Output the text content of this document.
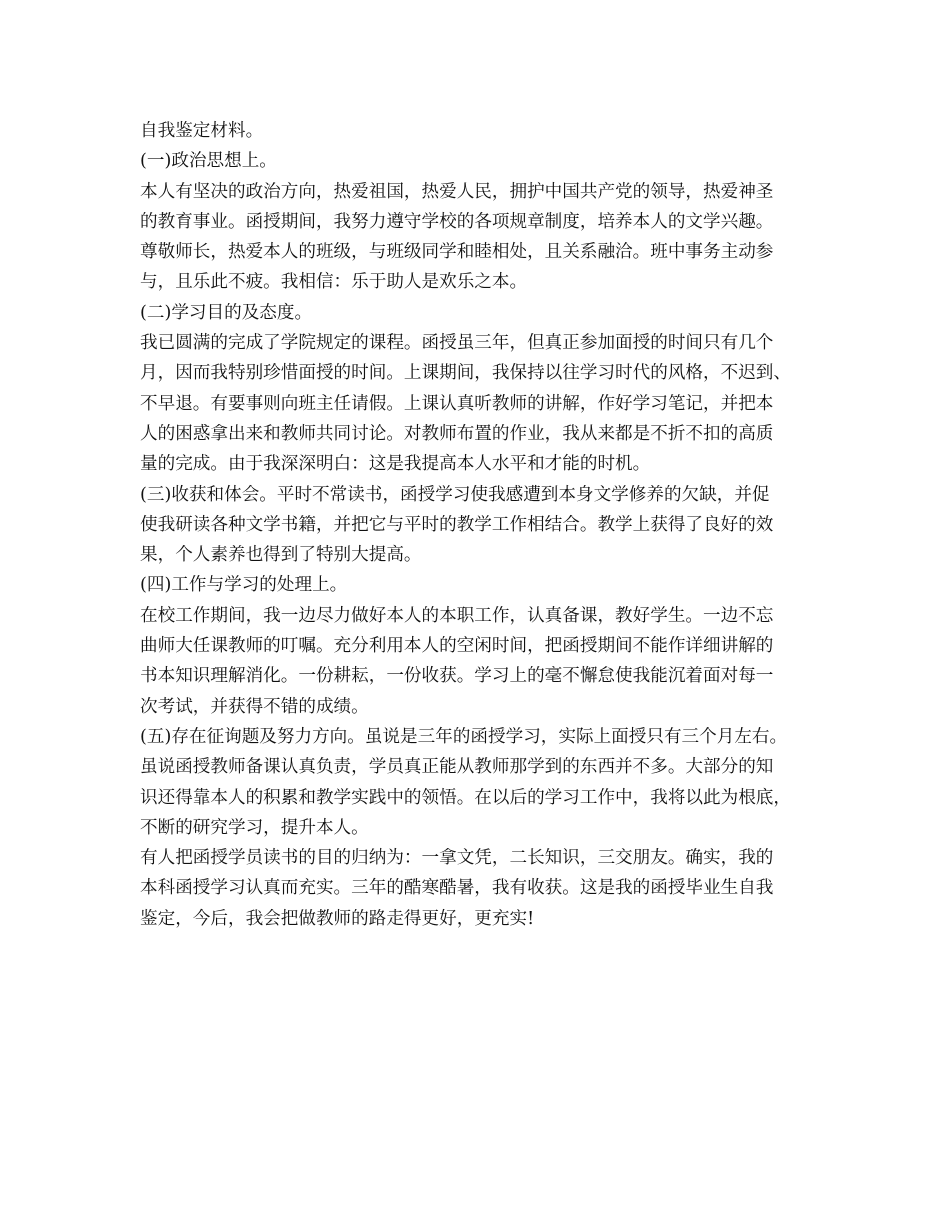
自我鉴定材料。
(一)政治思想上。
本人有坚决的政治方向，热爱祖国，热爱人民，拥护中国共产党的领导，热爱神圣
的教育事业。函授期间，我努力遵守学校的各项规章制度，培养本人的文学兴趣。
尊敬师长，热爱本人的班级，与班级同学和睦相处，且关系融洽。班中事务主动参
与，且乐此不疲。我相信：乐于助人是欢乐之本。
(二)学习目的及态度。
我已圆满的完成了学院规定的课程。函授虽三年，但真正参加面授的时间只有几个
月，因而我特别珍惜面授的时间。上课期间，我保持以往学习时代的风格，不迟到、
不早退。有要事则向班主任请假。上课认真听教师的讲解，作好学习笔记，并把本
人的困惑拿出来和教师共同讨论。对教师布置的作业，我从来都是不折不扣的高质
量的完成。由于我深深明白：这是我提高本人水平和才能的时机。
(三)收获和体会。平时不常读书，函授学习使我感遭到本身文学修养的欠缺，并促
使我研读各种文学书籍，并把它与平时的教学工作相结合。教学上获得了良好的效
果，个人素养也得到了特别大提高。
(四)工作与学习的处理上。
在校工作期间，我一边尽力做好本人的本职工作，认真备课，教好学生。一边不忘
曲师大任课教师的叮嘱。充分利用本人的空闲时间，把函授期间不能作详细讲解的
书本知识理解消化。一份耕耘，一份收获。学习上的毫不懈怠使我能沉着面对每一
次考试，并获得不错的成绩。
(五)存在征询题及努力方向。虽说是三年的函授学习，实际上面授只有三个月左右。
虽说函授教师备课认真负责，学员真正能从教师那学到的东西并不多。大部分的知
识还得靠本人的积累和教学实践中的领悟。在以后的学习工作中，我将以此为根底，
不断的研究学习，提升本人。
有人把函授学员读书的目的归纳为：一拿文凭，二长知识，三交朋友。确实，我的
本科函授学习认真而充实。三年的酷寒酷暑，我有收获。这是我的函授毕业生自我
鉴定，今后，我会把做教师的路走得更好，更充实!
